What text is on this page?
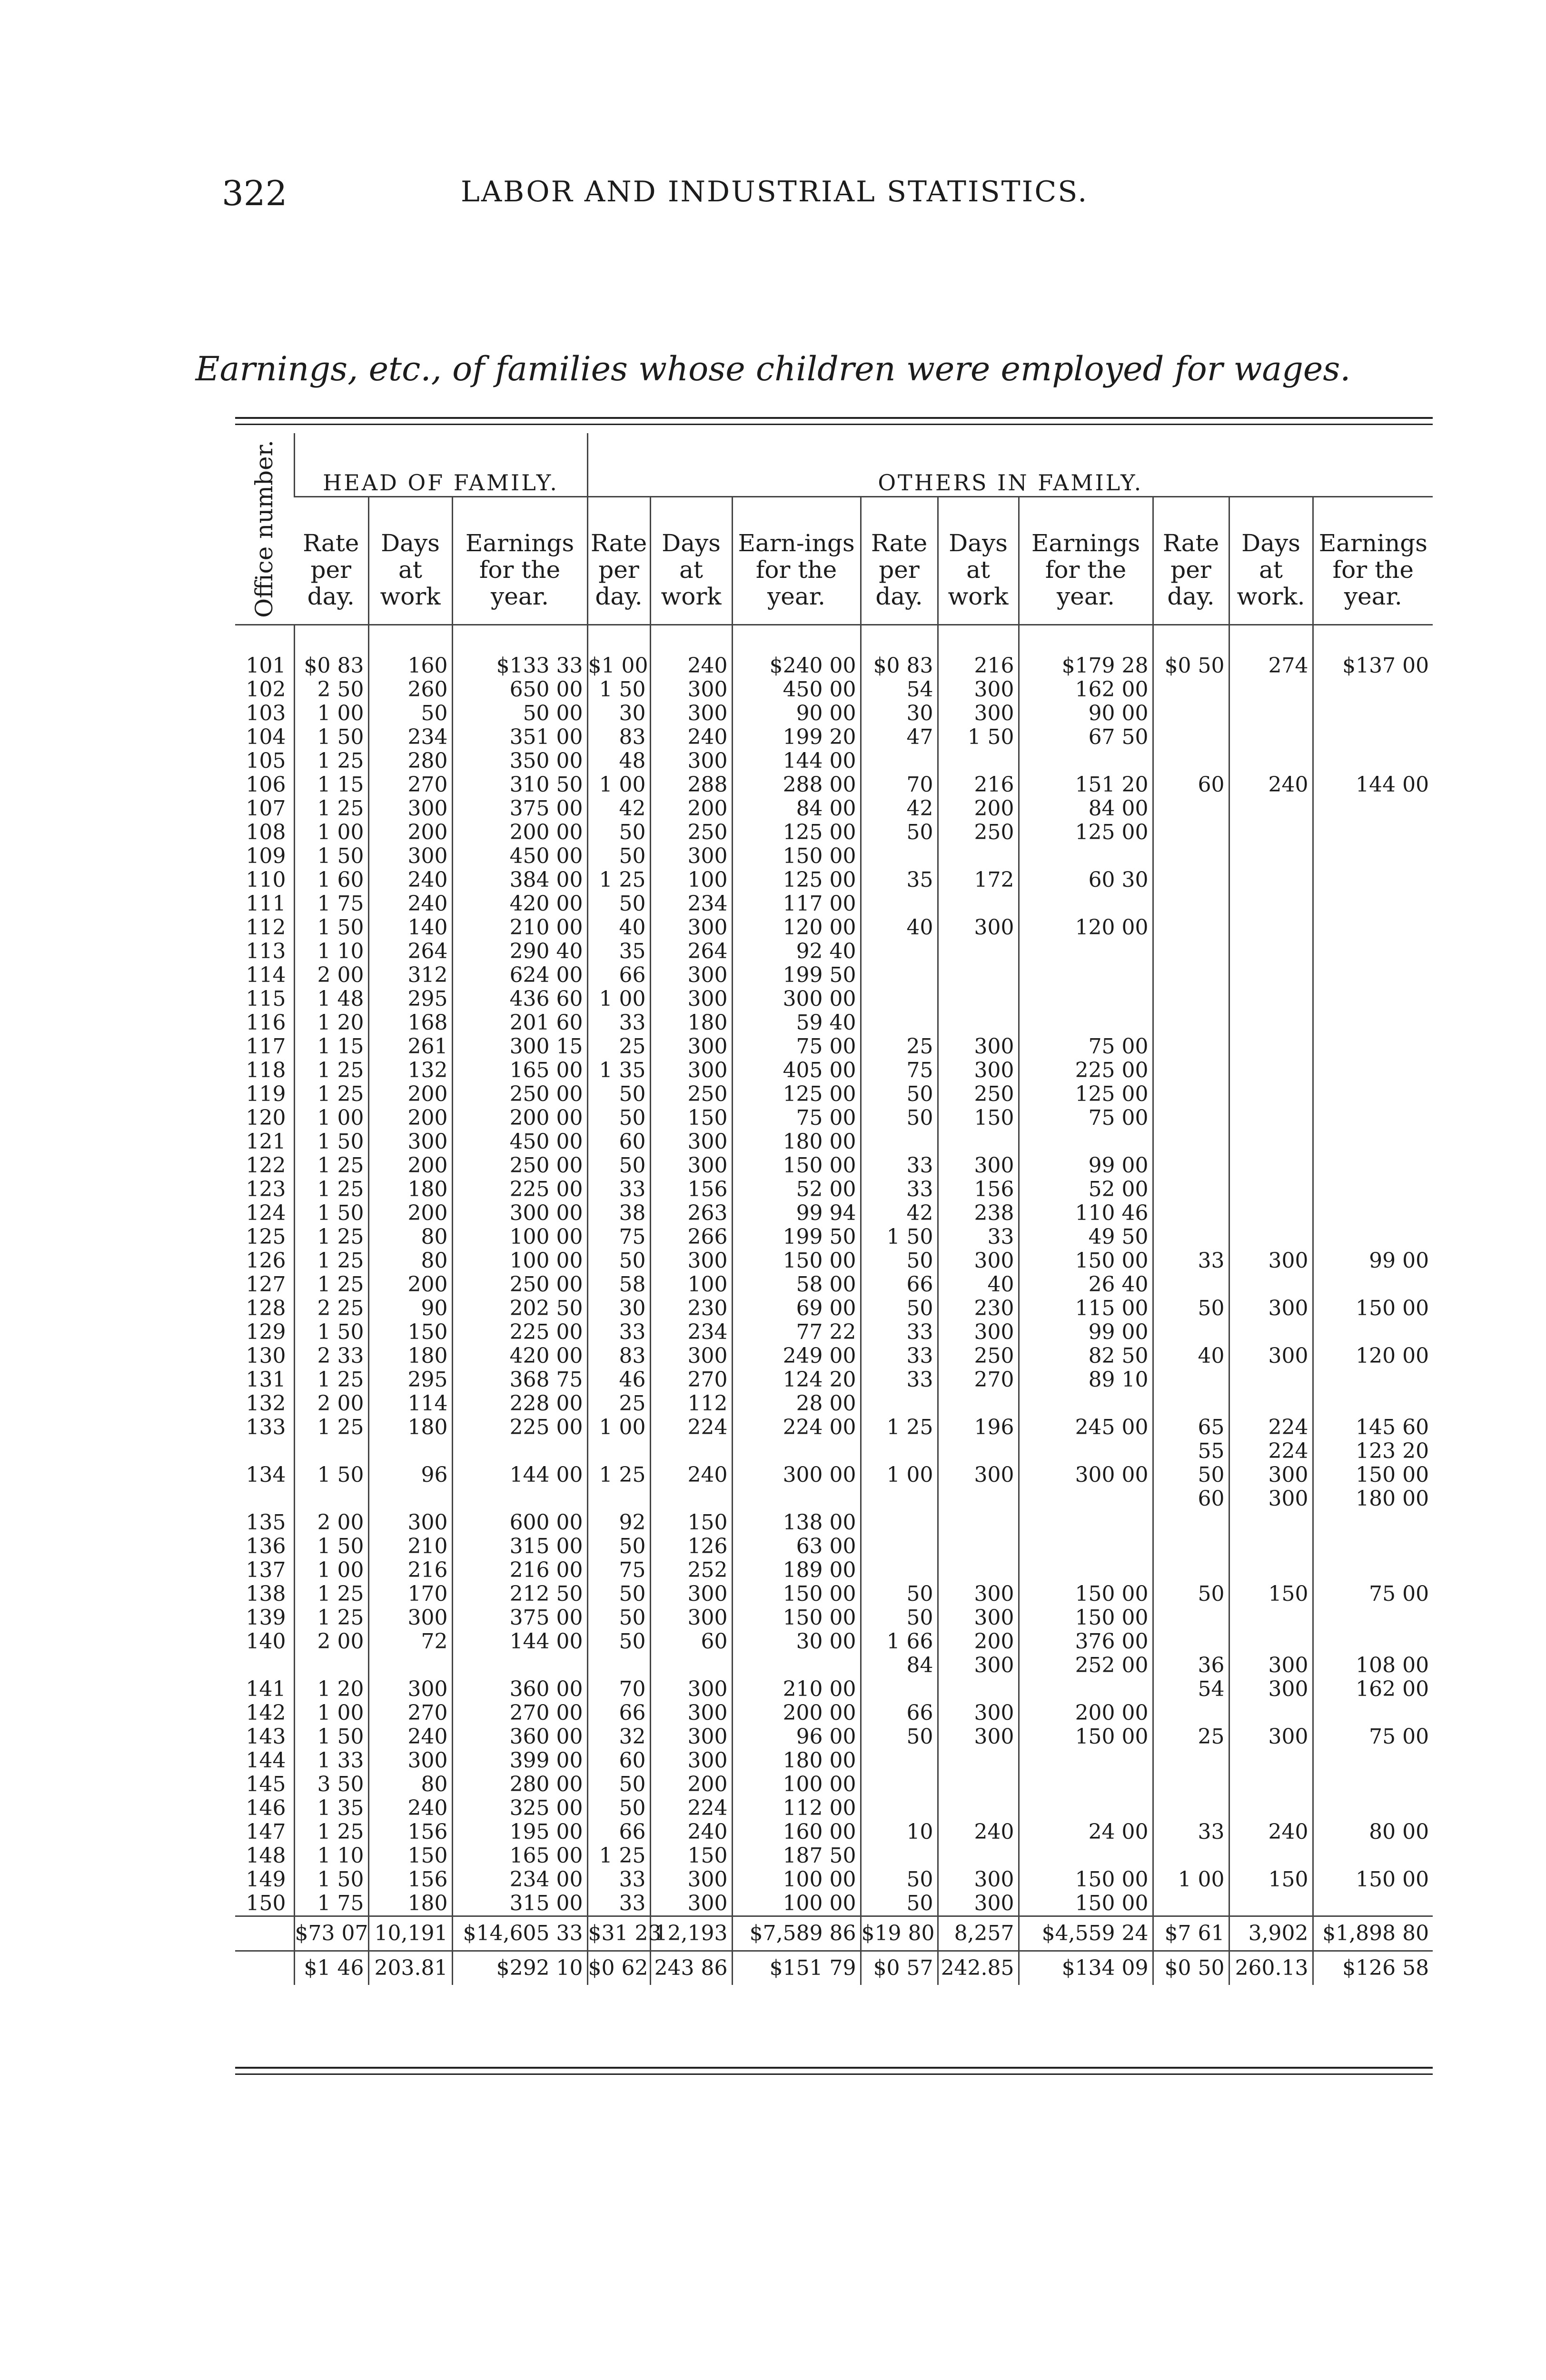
322	LABOR AND INDUSTRIAL STATISTICS.
Earnings, etc., of families whose children were employed for wages.
Office number.	HEAD OF FAMILY.			OTHERS IN FAMILY.								
	Rate per day.	Days at work	Earnings for the year.	Rate per day.	Days at work	Earn-ings for the year.	Rate per day.	Days at work	Earnings for the year.	Rate per day.	Days at work.	Earnings for the year.

101	$0 83	160	$133 33	$1 00	240	$240 00	$0 83	216	$179 28	$0 50	274	$137 00
102	2 50	260	650 00	1 50	300	450 00	54	300	162 00			
103	1 00	50	50 00	30	300	90 00	30	300	90 00			
104	1 50	234	351 00	83	240	199 20	47	1 50	67 50			
105	1 25	280	350 00	48	300	144 00						
106	1 15	270	310 50	1 00	288	288 00	70	216	151 20	60	240	144 00
107	1 25	300	375 00	42	200	84 00	42	200	84 00			
108	1 00	200	200 00	50	250	125 00	50	250	125 00			
109	1 50	300	450 00	50	300	150 00						
110	1 60	240	384 00	1 25	100	125 00	35	172	60 30			
111	1 75	240	420 00	50	234	117 00						
112	1 50	140	210 00	40	300	120 00	40	300	120 00			
113	1 10	264	290 40	35	264	92 40						
114	2 00	312	624 00	66	300	199 50						
115	1 48	295	436 60	1 00	300	300 00						
116	1 20	168	201 60	33	180	59 40						
117	1 15	261	300 15	25	300	75 00	25	300	75 00			
118	1 25	132	165 00	1 35	300	405 00	75	300	225 00			
119	1 25	200	250 00	50	250	125 00	50	250	125 00			
120	1 00	200	200 00	50	150	75 00	50	150	75 00			
121	1 50	300	450 00	60	300	180 00						
122	1 25	200	250 00	50	300	150 00	33	300	99 00			
123	1 25	180	225 00	33	156	52 00	33	156	52 00			
124	1 50	200	300 00	38	263	99 94	42	238	110 46			
125	1 25	80	100 00	75	266	199 50	1 50	33	49 50			
126	1 25	80	100 00	50	300	150 00	50	300	150 00	33	300	99 00
127	1 25	200	250 00	58	100	58 00	66	40	26 40			
128	2 25	90	202 50	30	230	69 00	50	230	115 00	50	300	150 00
129	1 50	150	225 00	33	234	77 22	33	300	99 00			
130	2 33	180	420 00	83	300	249 00	33	250	82 50	40	300	120 00
131	1 25	295	368 75	46	270	124 20	33	270	89 10			
132	2 00	114	228 00	25	112	28 00						
133	1 25	180	225 00	1 00	224	224 00	1 25	196	245 00	65	224	145 60
										55	224	123 20
134	1 50	96	144 00	1 25	240	300 00	1 00	300	300 00	50	300	150 00
										60	300	180 00
135	2 00	300	600 00	92	150	138 00						
136	1 50	210	315 00	50	126	63 00						
137	1 00	216	216 00	75	252	189 00						
138	1 25	170	212 50	50	300	150 00	50	300	150 00	50	150	75 00
139	1 25	300	375 00	50	300	150 00	50	300	150 00			
140	2 00	72	144 00	50	60	30 00	1 66	200	376 00			
							84	300	252 00	36	300	108 00
141	1 20	300	360 00	70	300	210 00				54	300	162 00
142	1 00	270	270 00	66	300	200 00	66	300	200 00			
143	1 50	240	360 00	32	300	96 00	50	300	150 00	25	300	75 00
144	1 33	300	399 00	60	300	180 00						
145	3 50	80	280 00	50	200	100 00						
146	1 35	240	325 00	50	224	112 00						
147	1 25	156	195 00	66	240	160 00	10	240	24 00	33	240	80 00
148	1 10	150	165 00	1 25	150	187 50						
149	1 50	156	234 00	33	300	100 00	50	300	150 00	1 00	150	150 00
150	1 75	180	315 00	33	300	100 00	50	300	150 00			
	$73 07	10,191	$14,605 33	$31 23	12,193	$7,589 86	$19 80	8,257	$4,559 24	$7 61	3,902	$1,898 80
	$1 46	203.81	$292 10	$0 62	243 86	$151 79	$0 57	242.85	$134 09	$0 50	260.13	$126 58
